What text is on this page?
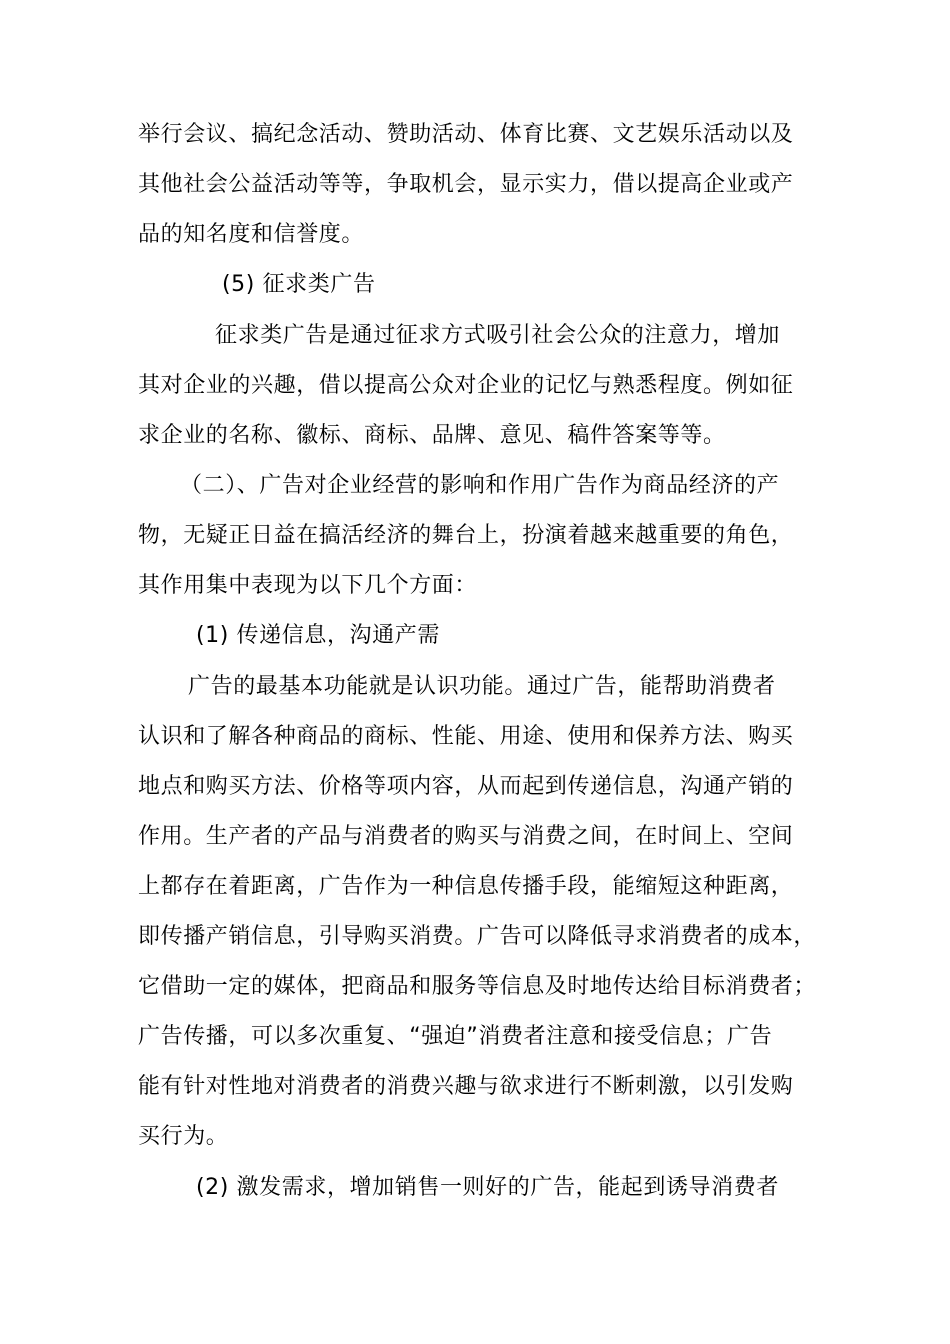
举行会议、搞纪念活动、赞助活动、体育比赛、文艺娱乐活动以及
其他社会公益活动等等，争取机会，显示实力，借以提高企业或产
品的知名度和信誉度。
(5) 征求类广告
征求类广告是通过征求方式吸引社会公众的注意力，增加
其对企业的兴趣，借以提高公众对企业的记忆与熟悉程度。例如征
求企业的名称、徽标、商标、品牌、意见、稿件答案等等。
（二）、广告对企业经营的影响和作用广告作为商品经济的产
物，无疑正日益在搞活经济的舞台上，扮演着越来越重要的角色，
其作用集中表现为以下几个方面：
(1) 传递信息，沟通产需
广告的最基本功能就是认识功能。通过广告，能帮助消费者
认识和了解各种商品的商标、性能、用途、使用和保养方法、购买
地点和购买方法、价格等项内容，从而起到传递信息，沟通产销的
作用。生产者的产品与消费者的购买与消费之间，在时间上、空间
上都存在着距离，广告作为一种信息传播手段，能缩短这种距离，
即传播产销信息，引导购买消费。广告可以降低寻求消费者的成本，
它借助一定的媒体，把商品和服务等信息及时地传达给目标消费者；
广告传播，可以多次重复、“强迫”消费者注意和接受信息；广告
能有针对性地对消费者的消费兴趣与欲求进行不断刺激，以引发购
买行为。
(2) 激发需求，增加销售一则好的广告，能起到诱导消费者
